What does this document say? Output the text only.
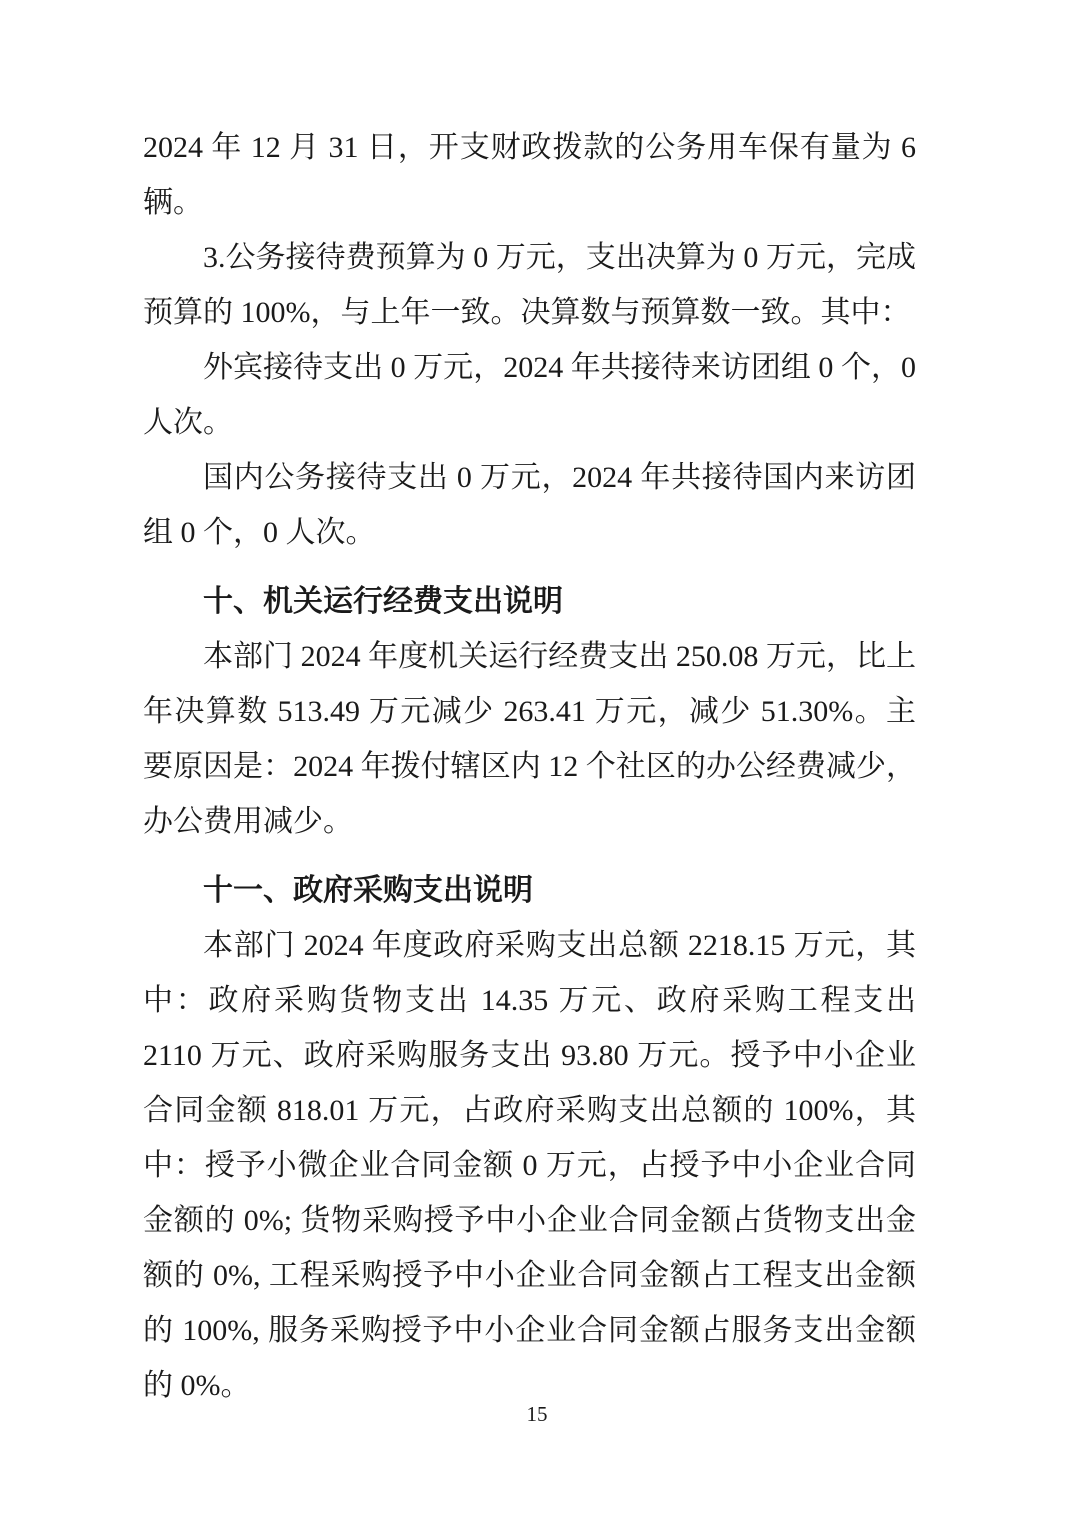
2024 年 12 月 31 日，开支财政拨款的公务用车保有量为 6 辆。

3.公务接待费预算为 0 万元，支出决算为 0 万元，完成预算的 100%，与上年一致。决算数与预算数一致。其中：

外宾接待支出 0 万元，2024 年共接待来访团组 0 个，0 人次。

国内公务接待支出 0 万元，2024 年共接待国内来访团组 0 个，0 人次。

十、机关运行经费支出说明

本部门 2024 年度机关运行经费支出 250.08 万元，比上年决算数 513.49 万元减少 263.41 万元，减少 51.30%。主要原因是：2024 年拨付辖区内 12 个社区的办公经费减少，办公费用减少。

十一、政府采购支出说明

本部门 2024 年度政府采购支出总额 2218.15 万元，其中：政府采购货物支出 14.35 万元、政府采购工程支出 2110 万元、政府采购服务支出 93.80 万元。授予中小企业合同金额 818.01 万元，占政府采购支出总额的 100%，其中：授予小微企业合同金额 0 万元，占授予中小企业合同金额的 0%; 货物采购授予中小企业合同金额占货物支出金额的 0%, 工程采购授予中小企业合同金额占工程支出金额的 100%, 服务采购授予中小企业合同金额占服务支出金额的 0%。

15
